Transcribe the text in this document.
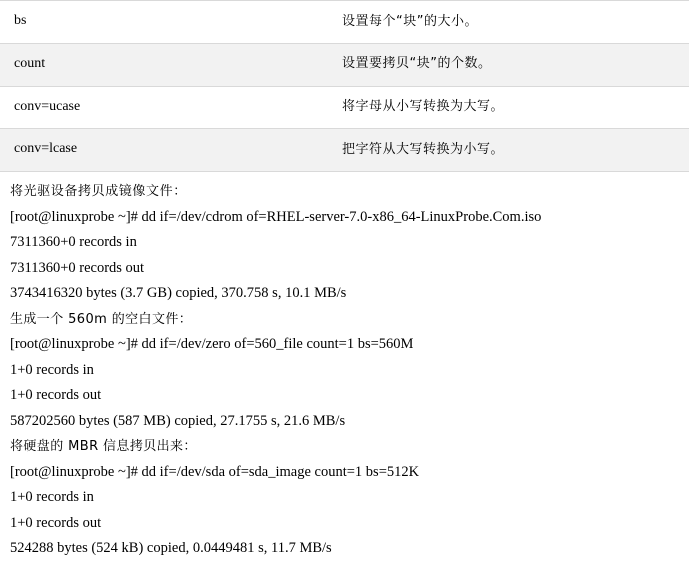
bs	设置每个“块”的大小。
count	设置要拷贝“块”的个数。
conv=ucase	将字母从小写转换为大写。
conv=lcase	把字符从大写转换为小写。
将光驱设备拷贝成镜像文件：
[root@linuxprobe ~]# dd if=/dev/cdrom of=RHEL-server-7.0-x86_64-LinuxProbe.Com.iso
7311360+0 records in
7311360+0 records out
3743416320 bytes (3.7 GB) copied, 370.758 s, 10.1 MB/s
生成一个 560m 的空白文件：
[root@linuxprobe ~]# dd if=/dev/zero of=560_file count=1 bs=560M
1+0 records in
1+0 records out
587202560 bytes (587 MB) copied, 27.1755 s, 21.6 MB/s
将硬盘的 MBR 信息拷贝出来：
[root@linuxprobe ~]# dd if=/dev/sda of=sda_image count=1 bs=512K
1+0 records in
1+0 records out
524288 bytes (524 kB) copied, 0.0449481 s, 11.7 MB/s
